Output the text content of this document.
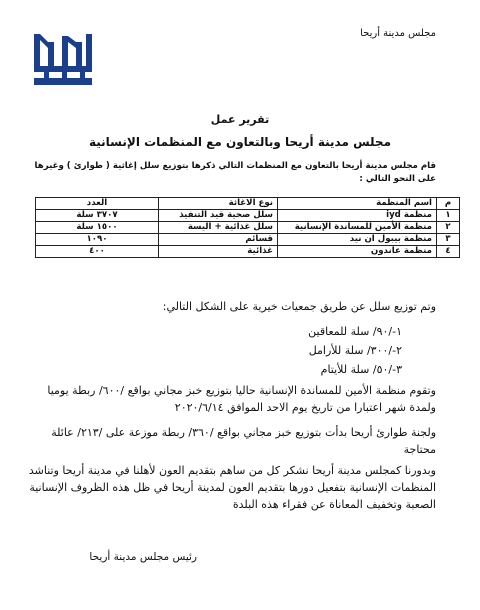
مجلس مدينة أريحا
تقرير عمل
مجلس مدينة أريحا وبالتعاون مع المنظمات الإنسانية
قام مجلس مدينة أريحا بالتعاون مع المنظمات التالي ذكرها بتوزيع سلل إغاثية ( طوارئ ) وغيرها على النحو التالي :
م	اسم المنظمة	نوع الاغاثة	العدد
١	منظمة iyd	سلل صحية قيد التنفيذ	٣٧٠٧ سلة
٢	منظمة الأمين للمساندة الإنسانية	سلل غذائية + اليسة	١٥٠٠ سلة
٣	منظمة بيبول ان نيد	قسائم	١٠٩٠
٤	منظمة عاندون	غذائية	٤٠٠
وتم توزيع سلل عن طريق جمعيات خيرية على الشكل التالي:
١-/٩٠/ سلة للمعاقين
٢-/٣٠٠/ سلة للأرامل
٣-/٥٠/ سلة للأيتام
وتقوم منظمة الأمين للمساندة الإنسانية حاليا بتوزيع خبز مجاني بواقع /٦٠٠/ ربطة يوميا ولمدة شهر اعتبارا من تاريخ يوم الاحد الموافق ٢٠٢٠/٦/١٤
ولجنة طوارئ أريحا بدأت بتوزيع خبز مجاني بواقع /٣٦٠/ ربطة موزعة على /٢١٣/ عائلة محتاجة
وبدورنا كمجلس مدينة أريحا نشكر كل من ساهم بتقديم العون لأهلنا في مدينة أريحا وتناشد المنظمات الإنسانية بتفعيل دورها بتقديم العون لمدينة أريحا في ظل هذه الظروف الإنسانية الصعبة وتخفيف المعاناة عن فقراء هذه البلدة
رئيس مجلس مدينة أريحا
